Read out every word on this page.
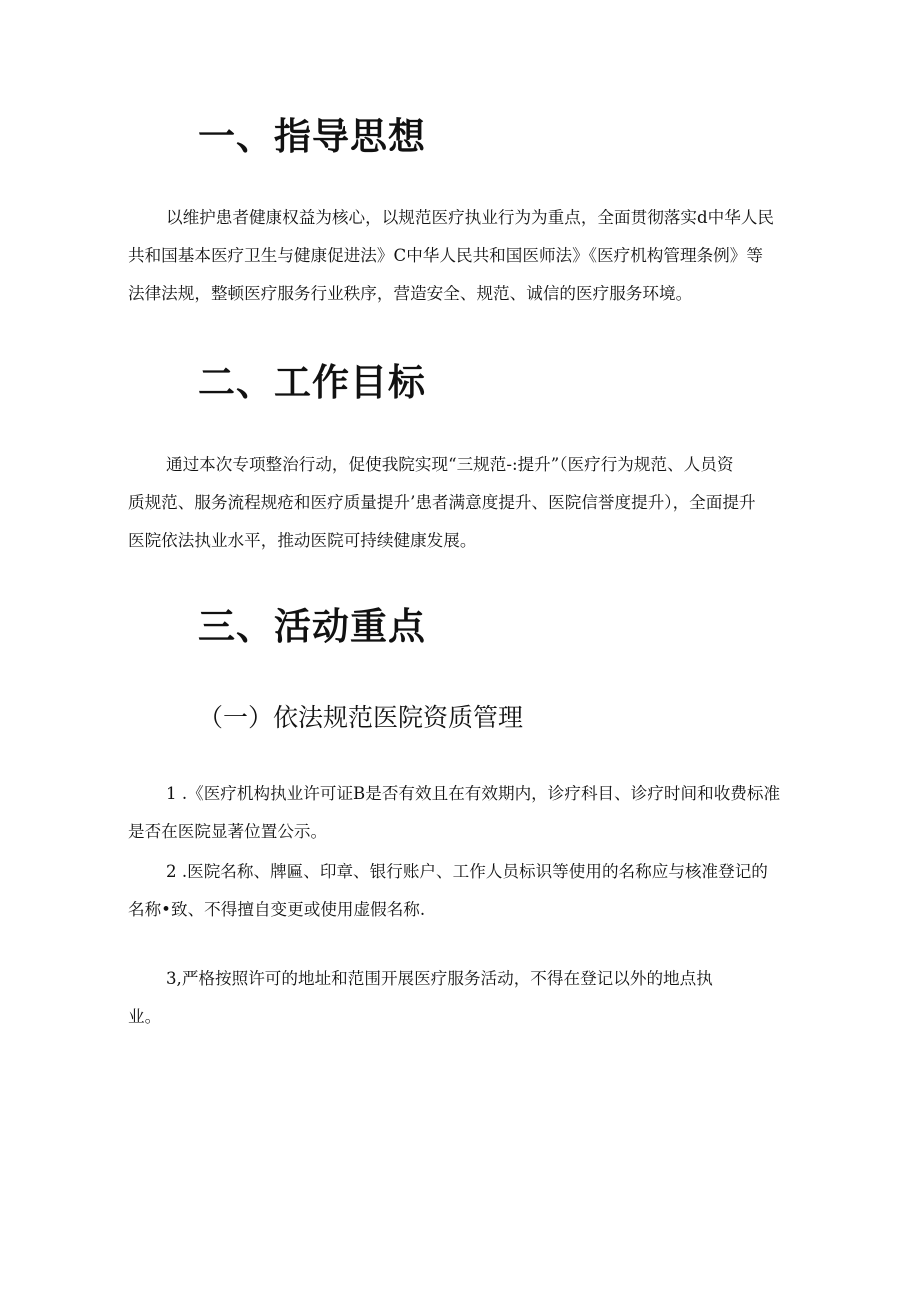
一、指导思想
以维护患者健康权益为核心，以规范医疗执业行为为重点，全面贯彻落实d中华人民
共和国基本医疗卫生与健康促进法》C中华人民共和国医师法》《医疗机构管理条例》等
法律法规，整顿医疗服务行业秩序，营造安全、规范、诚信的医疗服务环境。
二、工作目标
通过本次专项整治行动，促使我院实现“三规范-:提升”（医疗行为规范、人员资
质规范、服务流程规疮和医疗质量提升’患者满意度提升、医院信誉度提升），全面提升
医院依法执业水平，推动医院可持续健康发展。
三、活动重点
（一）依法规范医院资质管理
1 .《医疗机构执业许可证B是否有效且在有效期内，诊疗科目、诊疗时间和收费标准
是否在医院显著位置公示。
2 .医院名称、牌匾、印章、银行账户、工作人员标识等使用的名称应与核准登记的
名称•致、不得擅自变更或使用虚假名称.
3,严格按照许可的地址和范围开展医疗服务活动，不得在登记以外的地点执
业。
